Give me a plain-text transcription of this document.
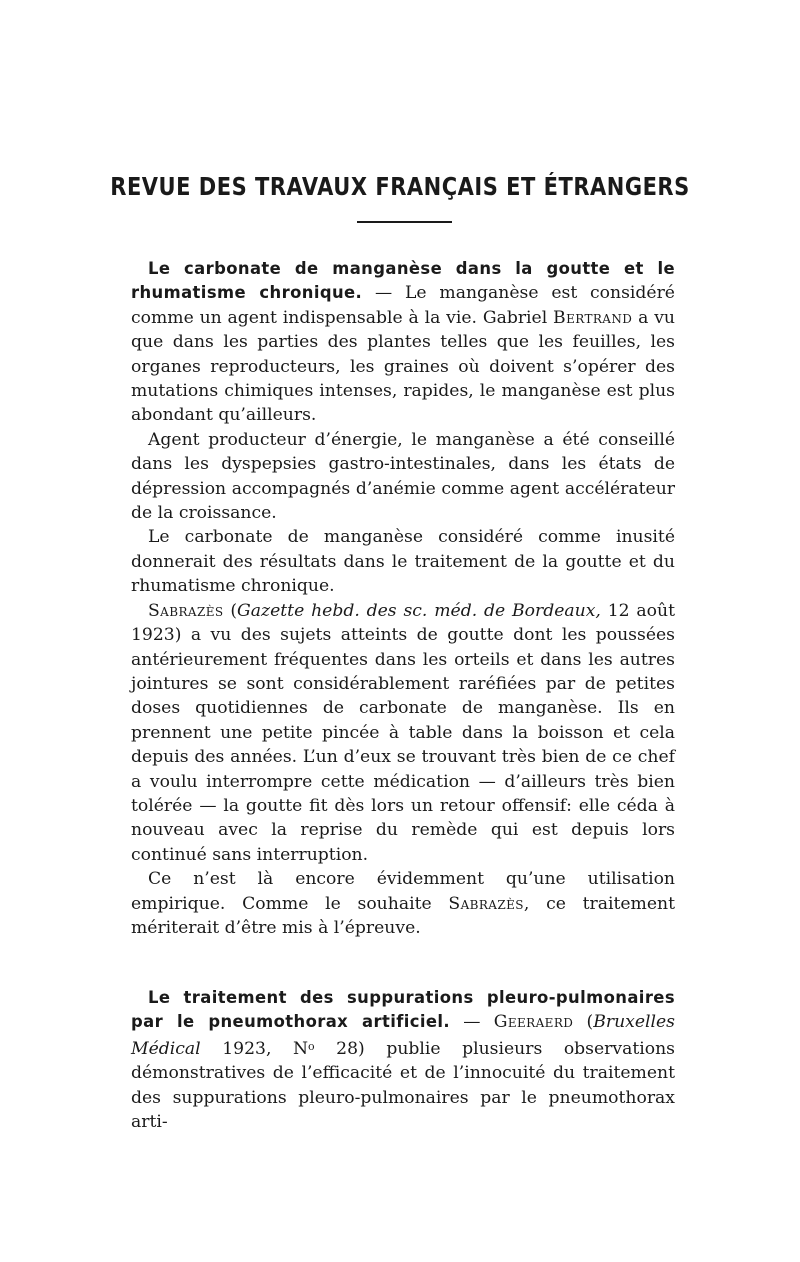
REVUE DES TRAVAUX FRANÇAIS ET ÉTRANGERS

Le carbonate de manganèse dans la goutte et le rhumatisme chronique. — Le manganèse est considéré comme un agent indispensable à la vie. Gabriel Bertrand a vu que dans les parties des plantes telles que les feuilles, les organes reproducteurs, les graines où doivent s’opérer des mutations chimiques intenses, rapides, le manganèse est plus abondant qu’ailleurs.

Agent producteur d’énergie, le manganèse a été conseillé dans les dyspepsies gastro-intestinales, dans les états de dépression accompagnés d’anémie comme agent accélérateur de la croissance.

Le carbonate de manganèse considéré comme inusité donnerait des résultats dans le traitement de la goutte et du rhumatisme chronique.

Sabrazès (Gazette hebd. des sc. méd. de Bordeaux, 12 août 1923) a vu des sujets atteints de goutte dont les poussées antérieurement fréquentes dans les orteils et dans les autres jointures se sont considérablement raréfiées par de petites doses quotidiennes de carbonate de manganèse. Ils en prennent une petite pincée à table dans la boisson et cela depuis des années. L’un d’eux se trouvant très bien de ce chef a voulu interrompre cette médication — d’ailleurs très bien tolérée — la goutte fit dès lors un retour offensif: elle céda à nouveau avec la reprise du remède qui est depuis lors continué sans interruption.

Ce n’est là encore évidemment qu’une utilisation empirique. Comme le souhaite Sabrazès, ce traitement mériterait d’être mis à l’épreuve.

Le traitement des suppurations pleuro-pulmonaires par le pneumothorax artificiel. — Geeraerd (Bruxelles Médical 1923, $N^o$ 28) publie plusieurs observations démonstratives de l’efficacité et de l’innocuité du traitement des suppurations pleuro-pulmonaires par le pneumothorax arti-
